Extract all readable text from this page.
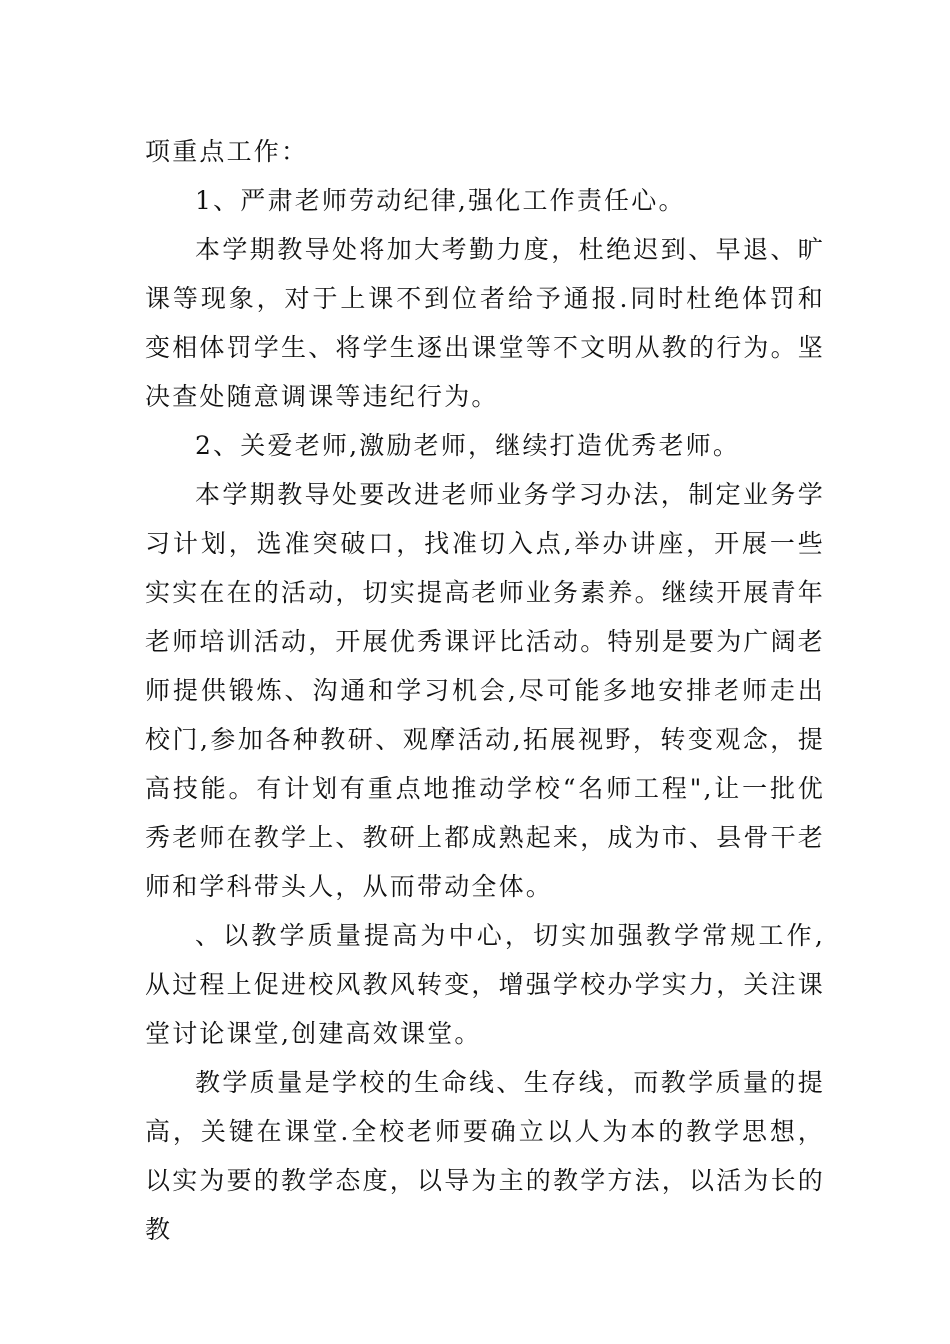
项重点工作：

1、严肃老师劳动纪律,强化工作责任心。

本学期教导处将加大考勤力度，杜绝迟到、早退、旷课等现象，对于上课不到位者给予通报.同时杜绝体罚和变相体罚学生、将学生逐出课堂等不文明从教的行为。坚决查处随意调课等违纪行为。

2、关爱老师,激励老师，继续打造优秀老师。

本学期教导处要改进老师业务学习办法，制定业务学习计划，选准突破口，找准切入点,举办讲座，开展一些实实在在的活动，切实提高老师业务素养。继续开展青年老师培训活动，开展优秀课评比活动。特别是要为广阔老师提供锻炼、沟通和学习机会,尽可能多地安排老师走出校门,参加各种教研、观摩活动,拓展视野，转变观念，提高技能。有计划有重点地推动学校“名师工程",让一批优秀老师在教学上、教研上都成熟起来，成为市、县骨干老师和学科带头人，从而带动全体。

、以教学质量提高为中心，切实加强教学常规工作,从过程上促进校风教风转变，增强学校办学实力，关注课堂讨论课堂,创建高效课堂。

教学质量是学校的生命线、生存线，而教学质量的提高，关键在课堂.全校老师要确立以人为本的教学思想，以实为要的教学态度，以导为主的教学方法，以活为长的教
